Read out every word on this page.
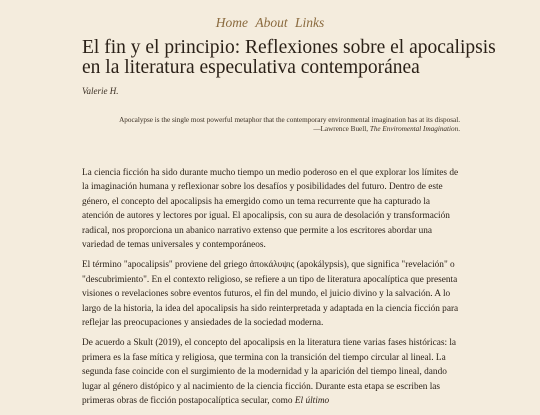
Home About Links
El fin y el principio: Reflexiones sobre el apocalipsis en la literatura especulativa contemporánea
Valerie H.
Apocalypse is the single most powerful metaphor that the contemporary environmental imagination has at its disposal.
—Lawrence Buell, The Enviromental Imagination.

La ciencia ficción ha sido durante mucho tiempo un medio poderoso en el que explorar los límites de la imaginación humana y reflexionar sobre los desafíos y posibilidades del futuro. Dentro de este género, el concepto del apocalipsis ha emergido como un tema recurrente que ha capturado la atención de autores y lectores por igual. El apocalipsis, con su aura de desolación y transformación radical, nos proporciona un abanico narrativo extenso que permite a los escritores abordar una variedad de temas universales y contemporáneos.

El término "apocalipsis" proviene del griego ἀποκάλυψις (apokálypsis), que significa "revelación" o "descubrimiento". En el contexto religioso, se refiere a un tipo de literatura apocalíptica que presenta visiones o revelaciones sobre eventos futuros, el fin del mundo, el juicio divino y la salvación. A lo largo de la historia, la idea del apocalipsis ha sido reinterpretada y adaptada en la ciencia ficción para reflejar las preocupaciones y ansiedades de la sociedad moderna.

De acuerdo a Skult (2019), el concepto del apocalipsis en la literatura tiene varias fases históricas: la primera es la fase mítica y religiosa, que termina con la transición del tiempo circular al lineal. La segunda fase coincide con el surgimiento de la modernidad y la aparición del tiempo lineal, dando lugar al género distópico y al nacimiento de la ciencia ficción. Durante esta etapa se escriben las primeras obras de ficción postapocalíptica secular, como El último
